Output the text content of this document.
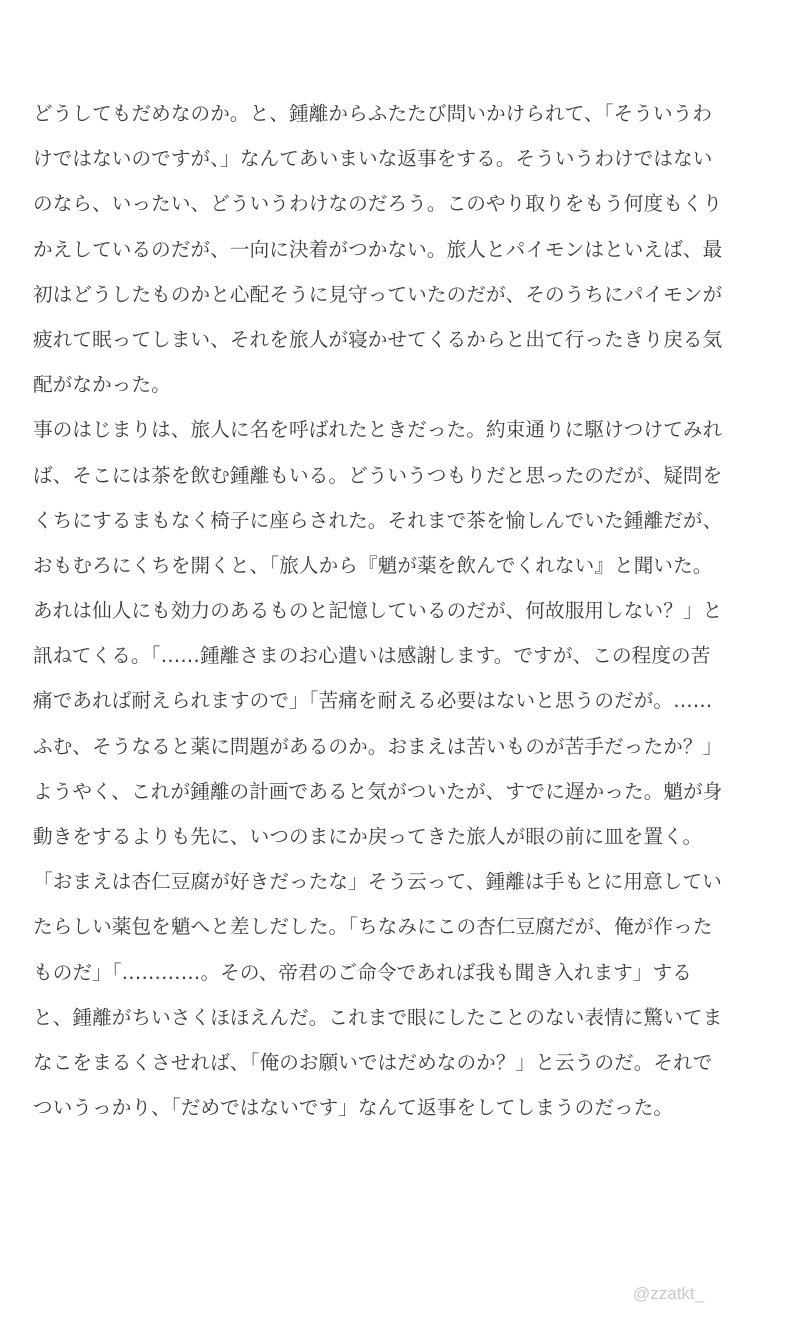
どうしてもだめなのか。と、鍾離からふたたび問いかけられて、「そういうわ
けではないのですが、」なんてあいまいな返事をする。そういうわけではない
のなら、いったい、どういうわけなのだろう。このやり取りをもう何度もくり
かえしているのだが、一向に決着がつかない。旅人とパイモンはといえば、最
初はどうしたものかと心配そうに見守っていたのだが、そのうちにパイモンが
疲れて眠ってしまい、それを旅人が寝かせてくるからと出て行ったきり戻る気
配がなかった。
事のはじまりは、旅人に名を呼ばれたときだった。約束通りに駆けつけてみれ
ば、そこには茶を飲む鍾離もいる。どういうつもりだと思ったのだが、疑問を
くちにするまもなく椅子に座らされた。それまで茶を愉しんでいた鍾離だが、
おもむろにくちを開くと、「旅人から『魈が薬を飲んでくれない』と聞いた。
あれは仙人にも効力のあるものと記憶しているのだが、何故服用しない？」と
訊ねてくる。「……鍾離さまのお心遣いは感謝します。ですが、この程度の苦
痛であれば耐えられますので」「苦痛を耐える必要はないと思うのだが。……
ふむ、そうなると薬に問題があるのか。おまえは苦いものが苦手だったか？」
ようやく、これが鍾離の計画であると気がついたが、すでに遅かった。魈が身
動きをするよりも先に、いつのまにか戻ってきた旅人が眼の前に皿を置く。
「おまえは杏仁豆腐が好きだったな」そう云って、鍾離は手もとに用意してい
たらしい薬包を魈へと差しだした。「ちなみにこの杏仁豆腐だが、俺が作った
ものだ」「…………。その、帝君のご命令であれば我も聞き入れます」する
と、鍾離がちいさくほほえんだ。これまで眼にしたことのない表情に驚いてま
なこをまるくさせれば、「俺のお願いではだめなのか？」と云うのだ。それで
ついうっかり、「だめではないです」なんて返事をしてしまうのだった。
@zzatkt_
